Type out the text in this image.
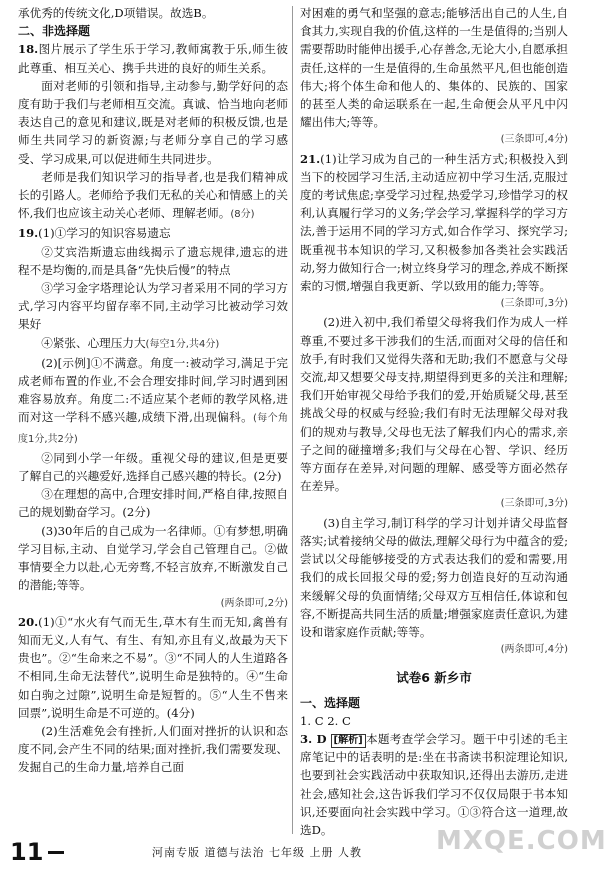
承优秀的传统文化,D项错误。故选B。

二、非选择题

18.图片展示了学生乐于学习,教师寓教于乐,师生彼此尊重、相互关心、携手共进的良好的师生关系。

面对老师的引领和指导,主动参与,勤学好问的态度有助于我们与老师相互交流。真诚、恰当地向老师表达自己的意见和建议,既是对老师的积极反馈,也是师生共同学习的新资源;与老师分享自己的学习感受、学习成果,可以促进师生共同进步。

老师是我们知识学习的指导者,也是我们精神成长的引路人。老师给予我们无私的关心和情感上的关怀,我们也应该主动关心老师、理解老师。(8分)

19.(1)①学习的知识容易遗忘

②艾宾浩斯遗忘曲线揭示了遗忘规律,遗忘的进程不是均衡的,而是具备“先快后慢”的特点

③学习金字塔理论认为学习者采用不同的学习方式,学习内容平均留存率不同,主动学习比被动学习效果好

④紧张、心理压力大(每空1分,共4分)

(2)[示例]①不满意。角度一:被动学习,满足于完成老师布置的作业,不会合理安排时间,学习时遇到困难容易放弃。角度二:不适应某个老师的教学风格,进而对这一学科不感兴趣,成绩下滑,出现偏科。(每个角度1分,共2分)

②同到小学一年级。重视父母的建议,但是更要了解自己的兴趣爱好,选择自己感兴趣的特长。(2分)

③在理想的高中,合理安排时间,严格自律,按照自己的规划勤奋学习。(2分)

(3)30年后的自己成为一名律师。①有梦想,明确学习目标,主动、自觉学习,学会自己管理自己。②做事情要全力以赴,心无旁骛,不轻言放弃,不断激发自己的潜能;等等。

(两条即可,2分)

20.(1)①“水火有气而无生,草木有生而无知,禽兽有知而无义,人有气、有生、有知,亦且有义,故最为天下贵也”。②“生命来之不易”。③“不同人的人生道路各不相同,生命无法替代”,说明生命是独特的。④“生命如白驹之过隙”,说明生命是短暂的。⑤“人生不售来回票”,说明生命是不可逆的。(4分)

(2)生活难免会有挫折,人们面对挫折的认识和态度不同,会产生不同的结果;面对挫折,我们需要发现、发掘自己的生命力量,培养自己面

对困难的勇气和坚强的意志;能够活出自己的人生,自食其力,实现自我的价值,这样的一生是值得的;当别人需要帮助时能伸出援手,心存善念,无论大小,自愿承担责任,这样的一生是值得的,生命虽然平凡,但也能创造伟大;将个体生命和他人的、集体的、民族的、国家的甚至人类的命运联系在一起,生命便会从平凡中闪耀出伟大;等等。

(三条即可,4分)

21.(1)让学习成为自己的一种生活方式;积极投入到当下的校园学习生活,主动适应初中学习生活,克服过度的考试焦虑;享受学习过程,热爱学习,珍惜学习的权利,认真履行学习的义务;学会学习,掌握科学的学习方法,善于运用不同的学习方式,如合作学习、探究学习;既重视书本知识的学习,又积极参加各类社会实践活动,努力做知行合一;树立终身学习的理念,养成不断探索的习惯,增强自我更新、学以致用的能力;等等。

(三条即可,3分)

(2)进入初中,我们希望父母将我们作为成人一样尊重,不要过多干涉我们的生活,而面对父母的信任和放手,有时我们又觉得失落和无助;我们不愿意与父母交流,却又想要父母支持,期望得到更多的关注和理解;我们开始审视父母给予我们的爱,开始质疑父母,甚至挑战父母的权威与经验;我们有时无法理解父母对我们的规劝与教导,父母也无法了解我们内心的需求,亲子之间的碰撞增多;我们与父母在心智、学识、经历等方面存在差异,对问题的理解、感受等方面必然存在差异。

(三条即可,3分)

(3)自主学习,制订科学的学习计划并请父母监督落实;试着接纳父母的做法,理解父母行为中蕴含的爱;尝试以父母能够接受的方式表达我们的爱和需要,用我们的成长回报父母的爱;努力创造良好的互动沟通来缓解父母的负面情绪;父母双方互相信任,体谅和包容,不断提高共同生活的质量;增强家庭责任意识,为建设和谐家庭作贡献;等等。

(两条即可,4分)

试卷6 新乡市

一、选择题

1. C 2. C

3. D [解析] 本题考查学会学习。题干中引述的毛主席笔记中的话表明的是:坐在书斋读书积淀理论知识,也要到社会实践活动中获取知识,还得出去游历,走进社会,感知社会,这告诉我们学习不仅仅局限于书本知识,还要面向社会实践中学习。①③符合这一道理,故选D。	MXQE.COM
11	河南专版 道德与法治 七年级 上册 人教
